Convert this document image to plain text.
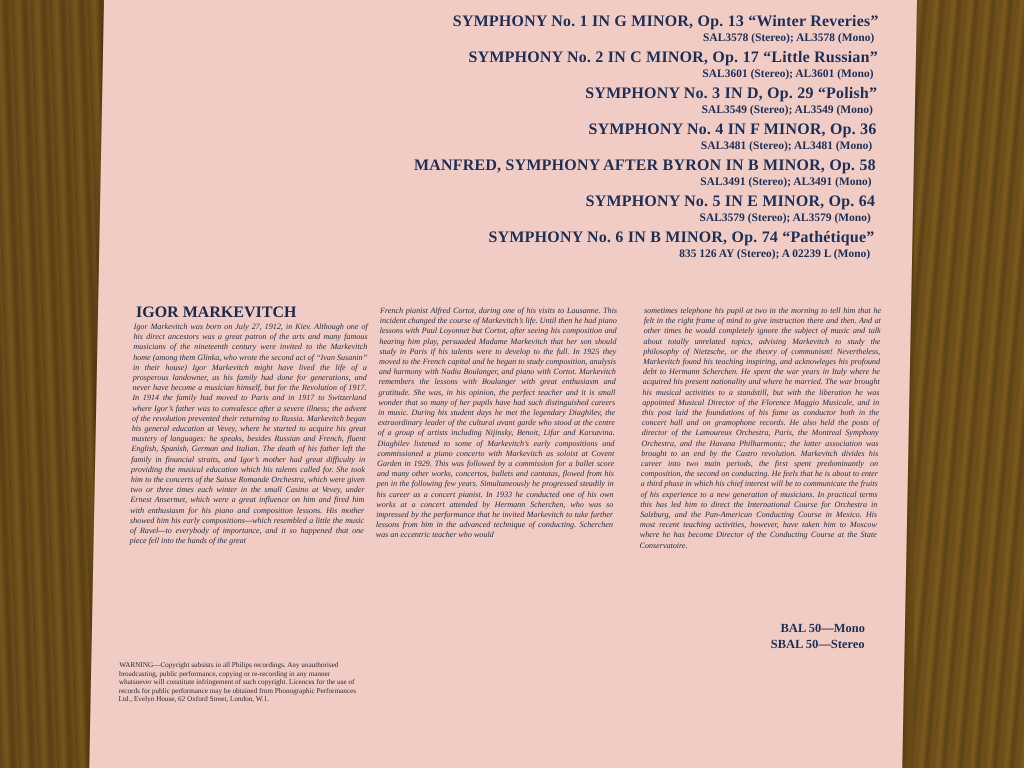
SYMPHONY No. 1 IN G MINOR, Op. 13 “Winter Reveries”
SAL3578 (Stereo); AL3578 (Mono)
SYMPHONY No. 2 IN C MINOR, Op. 17 “Little Russian”
SAL3601 (Stereo); AL3601 (Mono)
SYMPHONY No. 3 IN D, Op. 29 “Polish”
SAL3549 (Stereo); AL3549 (Mono)
SYMPHONY No. 4 IN F MINOR, Op. 36
SAL3481 (Stereo); AL3481 (Mono)
MANFRED, SYMPHONY AFTER BYRON IN B MINOR, Op. 58
SAL3491 (Stereo); AL3491 (Mono)
SYMPHONY No. 5 IN E MINOR, Op. 64
SAL3579 (Stereo); AL3579 (Mono)
SYMPHONY No. 6 IN B MINOR, Op. 74 “Pathétique”
835 126 AY (Stereo); A 02239 L (Mono)
IGOR MARKEVITCH

Igor Markevitch was born on July 27, 1912, in Kiev. Although one of his direct ancestors was a great patron of the arts and many famous musicians of the nineteenth century were invited to the Markevitch home (among them Glinka, who wrote the second act of “Ivan Susanin” in their house) Igor Markevitch might have lived the life of a prosperous landowner, as his family had done for generations, and never have become a musician himself, but for the Revolution of 1917. In 1914 the family had moved to Paris and in 1917 to Switzerland where Igor’s father was to convalesce after a severe illness; the advent of the revolution prevented their returning to Russia. Markevitch began his general education at Vevey, where he started to acquire his great mastery of languages: he speaks, besides Russian and French, fluent English, Spanish, German and Italian. The death of his father left the family in financial straits, and Igor’s mother had great difficulty in providing the musical education which his talents called for. She took him to the concerts of the Suisse Romande Orchestra, which were given two or three times each winter in the small Casino at Vevey, under Ernest Ansermet, which were a great influence on him and fired him with enthusiasm for his piano and composition lessons. His mother showed him his early compositions—which resembled a little the music of Ravel—to everybody of importance, and it so happened that one piece fell into the hands of the great

French pianist Alfred Cortot, during one of his visits to Lausanne. This incident changed the course of Markevitch’s life. Until then he had piano lessons with Paul Loyonnet but Cortot, after seeing his composition and hearing him play, persuaded Madame Markevitch that her son should study in Paris if his talents were to develop to the full. In 1925 they moved to the French capital and he began to study composition, analysis and harmony with Nadia Boulanger, and piano with Cortot. Markevitch remembers the lessons with Boulanger with great enthusiasm and gratitude. She was, in his opinion, the perfect teacher and it is small wonder that so many of her pupils have had such distinguished careers in music. During his student days he met the legendary Diaghilev, the extraordinary leader of the cultural avant garde who stood at the centre of a group of artists including Nijinsky, Benoit, Lifar and Karsavina. Diaghilev listened to some of Markevitch’s early compositions and commissioned a piano concerto with Markevitch as soloist at Covent Garden in 1929. This was followed by a commission for a ballet score and many other works, concertos, ballets and cantatas, flowed from his pen in the following few years. Simultaneously he progressed steadily in his career as a concert pianist. In 1933 he conducted one of his own works at a concert attended by Hermann Scherchen, who was so impressed by the performance that he invited Markevitch to take further lessons from him in the advanced technique of conducting. Scherchen was an eccentric teacher who would

sometimes telephone his pupil at two in the morning to tell him that he felt in the right frame of mind to give instruction there and then. And at other times he would completely ignore the subject of music and talk about totally unrelated topics, advising Markevitch to study the philosophy of Nietzsche, or the theory of communism! Nevertheless, Markevitch found his teaching inspiring, and acknowleges his profound debt to Hermann Scherchen. He spent the war years in Italy where he acquired his present nationality and where he married. The war brought his musical activities to a standstill, but with the liberation he was appointed Musical Director of the Florence Maggio Musicale, and in this post laid the foundations of his fame as conductor both in the concert hall and on gramophone records. He also held the posts of director of the Lamoureux Orchestra, Paris, the Montreal Symphony Orchestra, and the Havana Philharmonic; the latter association was brought to an end by the Castro revolution. Markevitch divides his career into two main periods, the first spent predominantly on composition, the second on conducting. He feels that he is about to enter a third phase in which his chief interest will be to communicate the fruits of his experience to a new generation of musicians. In practical terms this has led him to direct the International Course for Orchestra in Salzburg, and the Pan-American Conducting Course in Mexico. His most recent teaching activities, however, have taken him to Moscow where he has become Director of the Conducting Course at the State Conservatoire.

BAL 50—Mono
SBAL 50—Stereo
WARNING—Copyright subsists in all Philips recordings. Any unauthorised broadcasting, public performance, copying or re-recording in any manner whatsoever will constitute infringement of such copyright. Licences for the use of records for public performance may be obtained from Phonographic Performances Ltd., Evelyn House, 62 Oxford Street, London, W.1.
